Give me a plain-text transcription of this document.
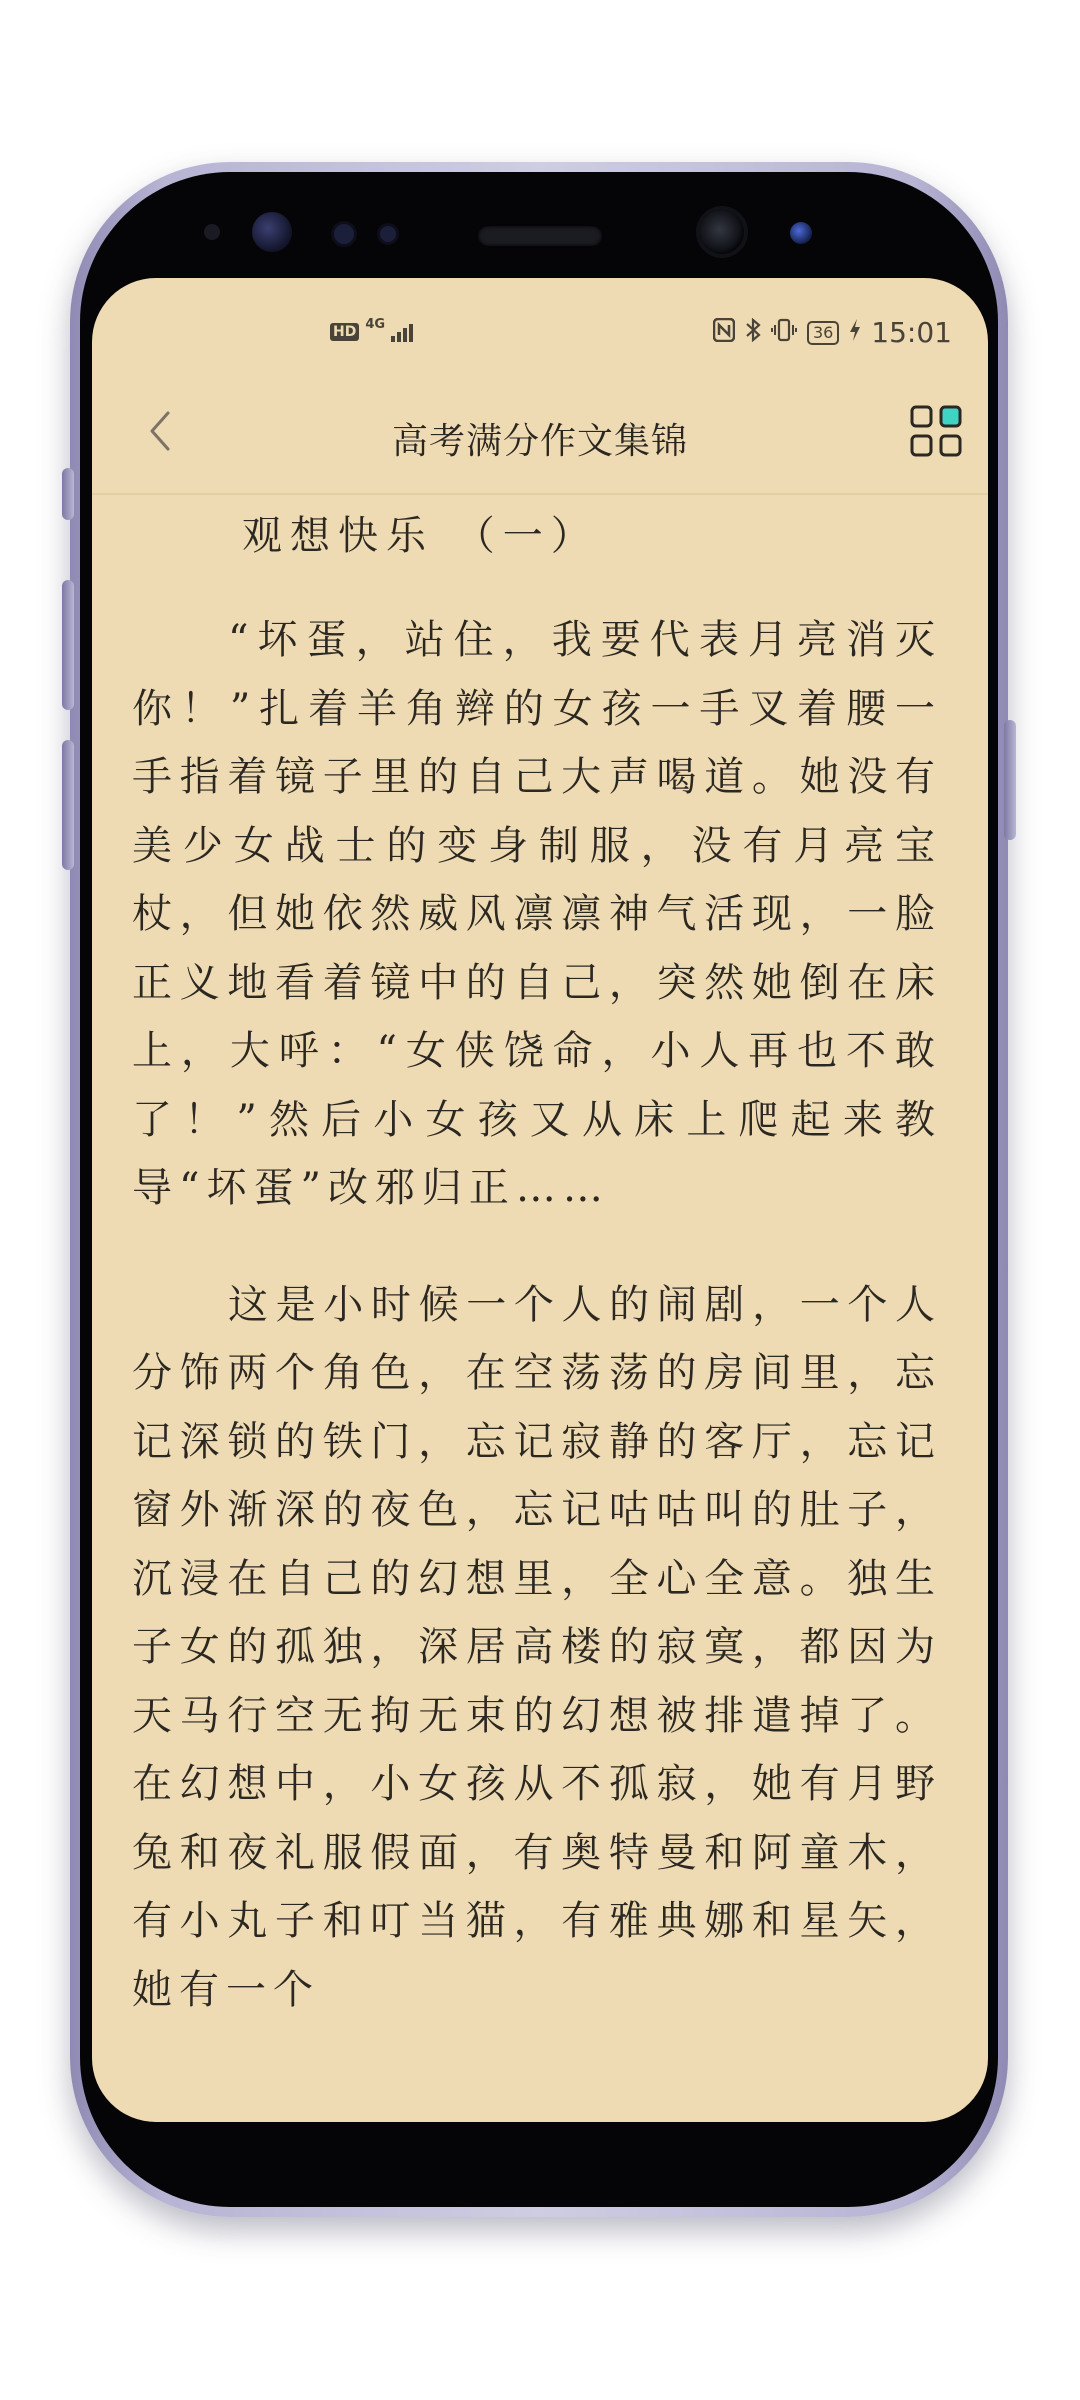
HD 4G	36 15:01
高考满分作文集锦
观想快乐 （一）

“坏蛋，站住，我要代表月亮消灭你！”扎着羊角辫的女孩一手叉着腰一手指着镜子里的自己大声喝道。她没有美少女战士的变身制服，没有月亮宝杖，但她依然威风凛凛神气活现，一脸正义地看着镜中的自己，突然她倒在床上，大呼：“女侠饶命，小人再也不敢了！”然后小女孩又从床上爬起来教导“坏蛋”改邪归正……

这是小时候一个人的闹剧，一个人分饰两个角色，在空荡荡的房间里，忘记深锁的铁门，忘记寂静的客厅，忘记窗外渐深的夜色，忘记咕咕叫的肚子，沉浸在自己的幻想里，全心全意。独生子女的孤独，深居高楼的寂寞，都因为天马行空无拘无束的幻想被排遣掉了。在幻想中，小女孩从不孤寂，她有月野兔和夜礼服假面，有奥特曼和阿童木，有小丸子和叮当猫，有雅典娜和星矢，她有一个
